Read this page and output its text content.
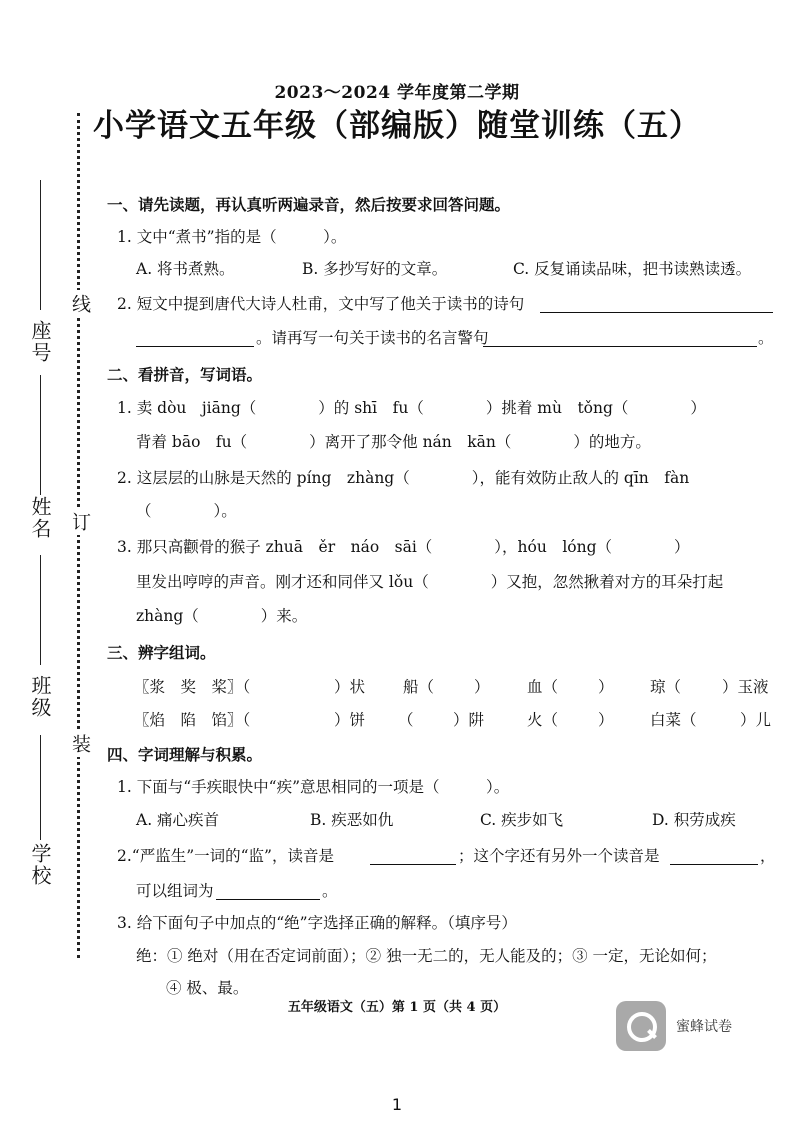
2023～2024 学年度第二学期
小学语文五年级（部编版）随堂训练（五）
线
订
装
座号
姓名
班级
学校
一、请先读题，再认真听两遍录音，然后按要求回答问题。
1. 文中“煮书”指的是（　　　）。
A. 将书煮熟。	B. 多抄写好的文章。	C. 反复诵读品味，把书读熟读透。
2. 短文中提到唐代大诗人杜甫，文中写了他关于读书的诗句
。请再写一句关于读书的名言警句	。
二、看拼音，写词语。
1. 卖 dòu　jiāng（　　　　）的 shī　fu（　　　　）挑着 mù　tǒng（　　　　）
背着 bāo　fu（　　　　）离开了那令他 nán　kān（　　　　）的地方。
2. 这层层的山脉是天然的 píng　zhàng（　　　　），能有效防止敌人的 qīn　fàn
（　　　　）。
3. 那只高颧骨的猴子 zhuā　ěr　náo　sāi（　　　　），hóu　lóng（　　　　）
里发出哼哼的声音。刚才还和同伴又 lǒu（　　　　）又抱，忽然揪着对方的耳朵打起
zhàng（　　　　）来。
三、辨字组词。
〖浆　奖　桨〗（	）状 船（	） 血（	） 琼（	）玉液
〖焰　陷　馅〗（	）饼 （	）阱	火（	） 白菜（	）儿
四、字词理解与积累。
1. 下面与“手疾眼快中“疾”意思相同的一项是（　　　）。
A. 痛心疾首	B. 疾恶如仇	C. 疾步如飞	D. 积劳成疾
2.“严监生”一词的“监”，读音是	；这个字还有另外一个读音是	，
可以组词为	。
3. 给下面句子中加点的“绝”字选择正确的解释。（填序号）
绝：① 绝对（用在否定词前面）；② 独一无二的，无人能及的；③ 一定，无论如何；
④ 极、最。
五年级语文（五）第 1 页（共 4 页）
蜜蜂试卷
1
